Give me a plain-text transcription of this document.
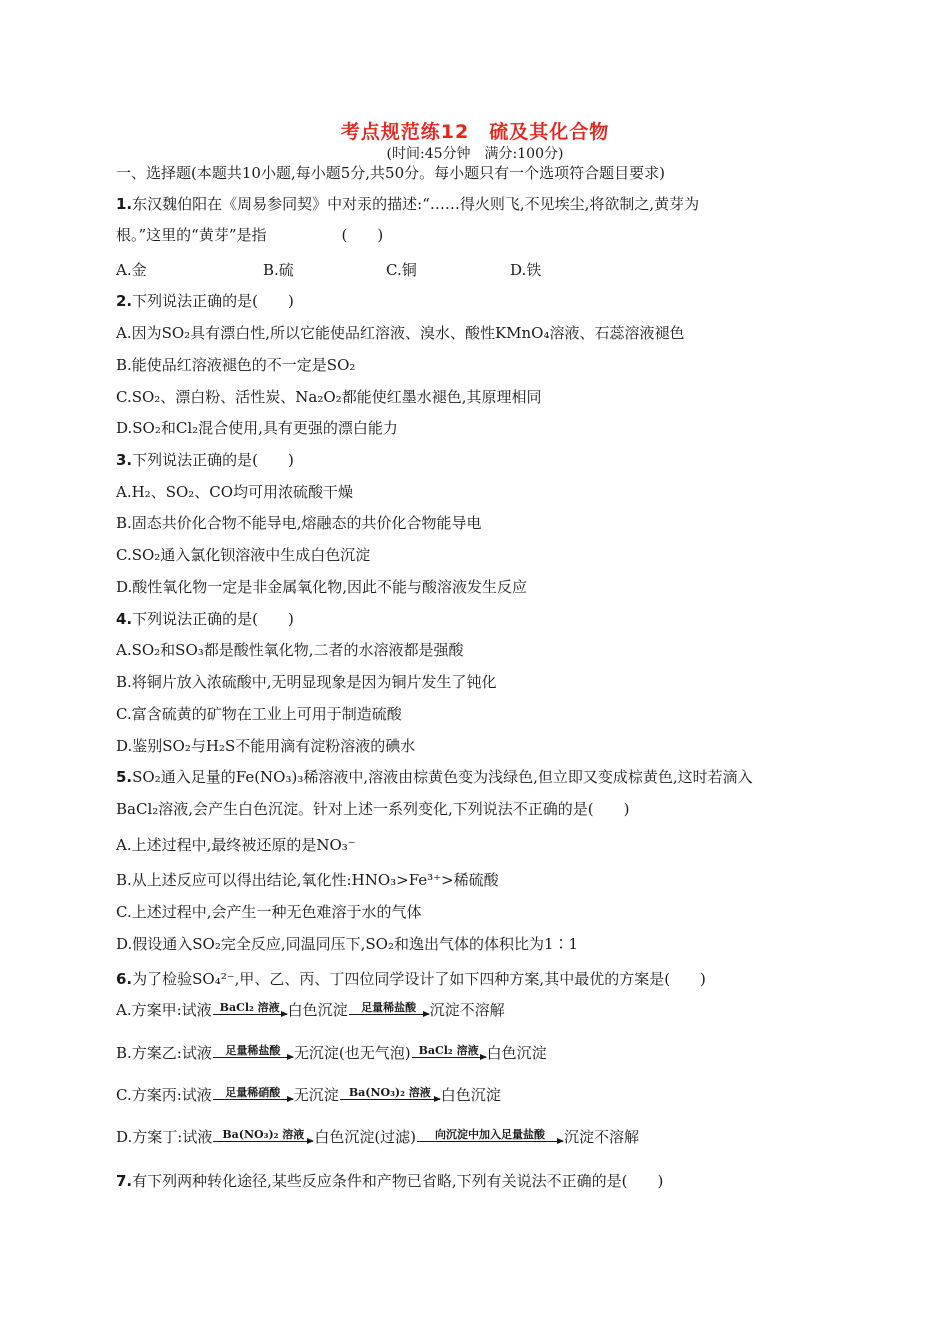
考点规范练12　硫及其化合物
(时间:45分钟　满分:100分)
一、选择题(本题共10小题,每小题5分,共50分。每小题只有一个选项符合题目要求)
1.东汉魏伯阳在《周易参同契》中对汞的描述:“……得火则飞,不见埃尘,将欲制之,黄芽为
根。”这里的“黄芽”是指　　　　　(　　)
A.金	B.硫	C.铜	D.铁
2.下列说法正确的是(　　)
A.因为SO₂具有漂白性,所以它能使品红溶液、溴水、酸性KMnO₄溶液、石蕊溶液褪色
B.能使品红溶液褪色的不一定是SO₂
C.SO₂、漂白粉、活性炭、Na₂O₂都能使红墨水褪色,其原理相同
D.SO₂和Cl₂混合使用,具有更强的漂白能力
3.下列说法正确的是(　　)
A.H₂、SO₂、CO均可用浓硫酸干燥
B.固态共价化合物不能导电,熔融态的共价化合物能导电
C.SO₂通入氯化钡溶液中生成白色沉淀
D.酸性氧化物一定是非金属氧化物,因此不能与酸溶液发生反应
4.下列说法正确的是(　　)
A.SO₂和SO₃都是酸性氧化物,二者的水溶液都是强酸
B.将铜片放入浓硫酸中,无明显现象是因为铜片发生了钝化
C.富含硫黄的矿物在工业上可用于制造硫酸
D.鉴别SO₂与H₂S不能用滴有淀粉溶液的碘水
5.SO₂通入足量的Fe(NO₃)₃稀溶液中,溶液由棕黄色变为浅绿色,但立即又变成棕黄色,这时若滴入
BaCl₂溶液,会产生白色沉淀。针对上述一系列变化,下列说法不正确的是(　　)
A.上述过程中,最终被还原的是NO₃⁻
B.从上述反应可以得出结论,氧化性:HNO₃>Fe³⁺>稀硫酸
C.上述过程中,会产生一种无色难溶于水的气体
D.假设通入SO₂完全反应,同温同压下,SO₂和逸出气体的体积比为1∶1
6.为了检验SO₄²⁻,甲、乙、丙、丁四位同学设计了如下四种方案,其中最优的方案是(　　)
A.方案甲:试液 BaCl₂ 溶液 白色沉淀	足量稀盐酸 沉淀不溶解
B.方案乙:试液	足量稀盐酸 无沉淀(也无气泡) BaCl₂ 溶液 白色沉淀
C.方案丙:试液	足量稀硝酸 无沉淀 Ba(NO₃)₂ 溶液 白色沉淀
D.方案丁:试液 Ba(NO₃)₂ 溶液 白色沉淀(过滤)	向沉淀中加入足量盐酸	沉淀不溶解
7.有下列两种转化途径,某些反应条件和产物已省略,下列有关说法不正确的是(　　)
